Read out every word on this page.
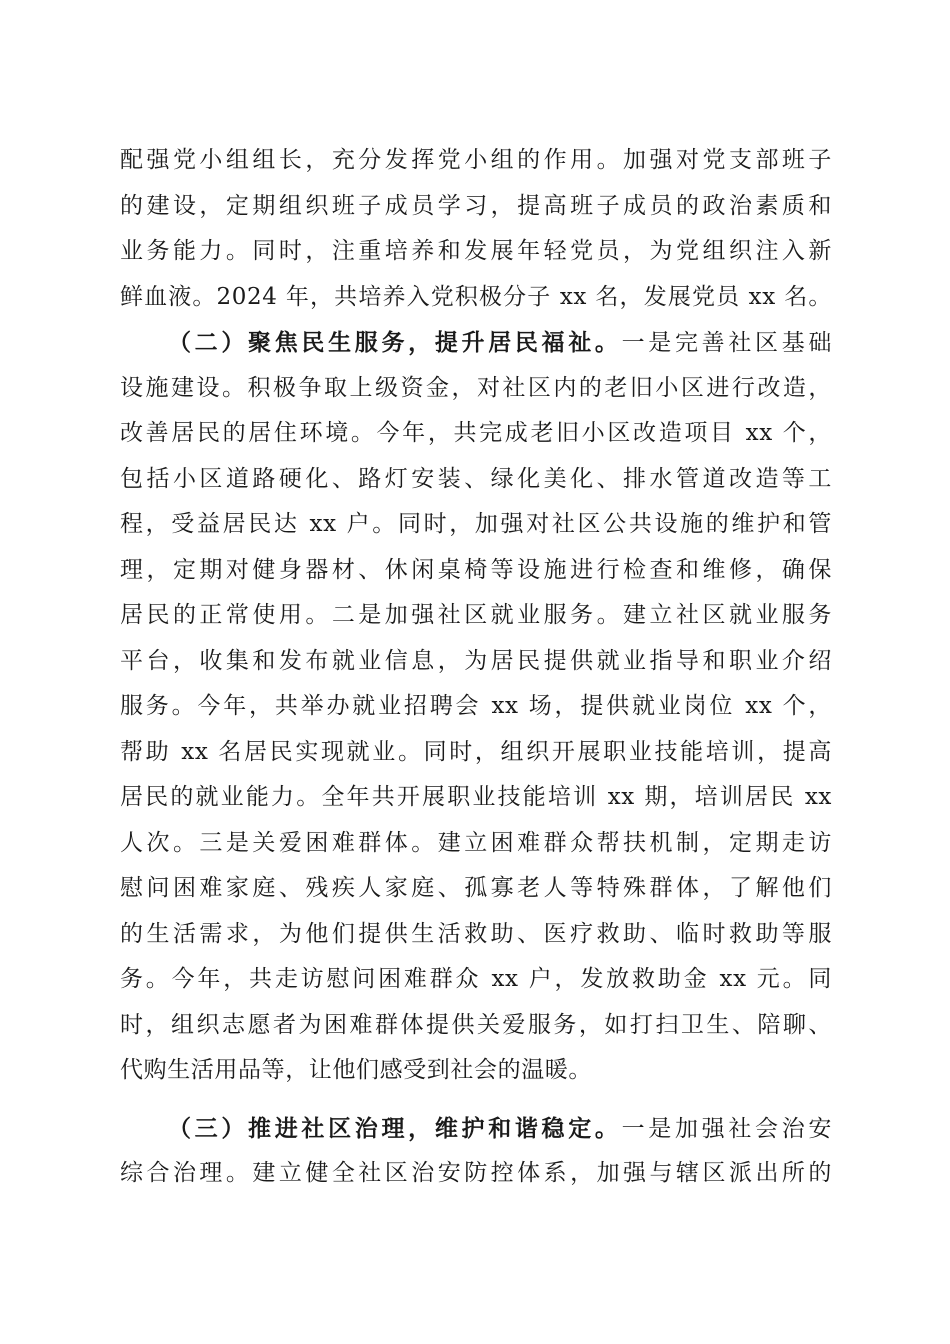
配强党小组组长，充分发挥党小组的作用。加强对党支部班子
的建设，定期组织班子成员学习，提高班子成员的政治素质和
业务能力。同时，注重培养和发展年轻党员，为党组织注入新
鲜血液。2024 年，共培养入党积极分子 xx 名，发展党员 xx 名。
（二）聚焦民生服务，提升居民福祉。一是完善社区基础
设施建设。积极争取上级资金，对社区内的老旧小区进行改造，
改善居民的居住环境。今年，共完成老旧小区改造项目 xx 个，
包括小区道路硬化、路灯安装、绿化美化、排水管道改造等工
程，受益居民达 xx 户。同时，加强对社区公共设施的维护和管
理，定期对健身器材、休闲桌椅等设施进行检查和维修，确保
居民的正常使用。二是加强社区就业服务。建立社区就业服务
平台，收集和发布就业信息，为居民提供就业指导和职业介绍
服务。今年，共举办就业招聘会 xx 场，提供就业岗位 xx 个，
帮助 xx 名居民实现就业。同时，组织开展职业技能培训，提高
居民的就业能力。全年共开展职业技能培训 xx 期，培训居民 xx
人次。三是关爱困难群体。建立困难群众帮扶机制，定期走访
慰问困难家庭、残疾人家庭、孤寡老人等特殊群体，了解他们
的生活需求，为他们提供生活救助、医疗救助、临时救助等服
务。今年，共走访慰问困难群众 xx 户，发放救助金 xx 元。同
时，组织志愿者为困难群体提供关爱服务，如打扫卫生、陪聊、
代购生活用品等，让他们感受到社会的温暖。
（三）推进社区治理，维护和谐稳定。一是加强社会治安
综合治理。建立健全社区治安防控体系，加强与辖区派出所的
